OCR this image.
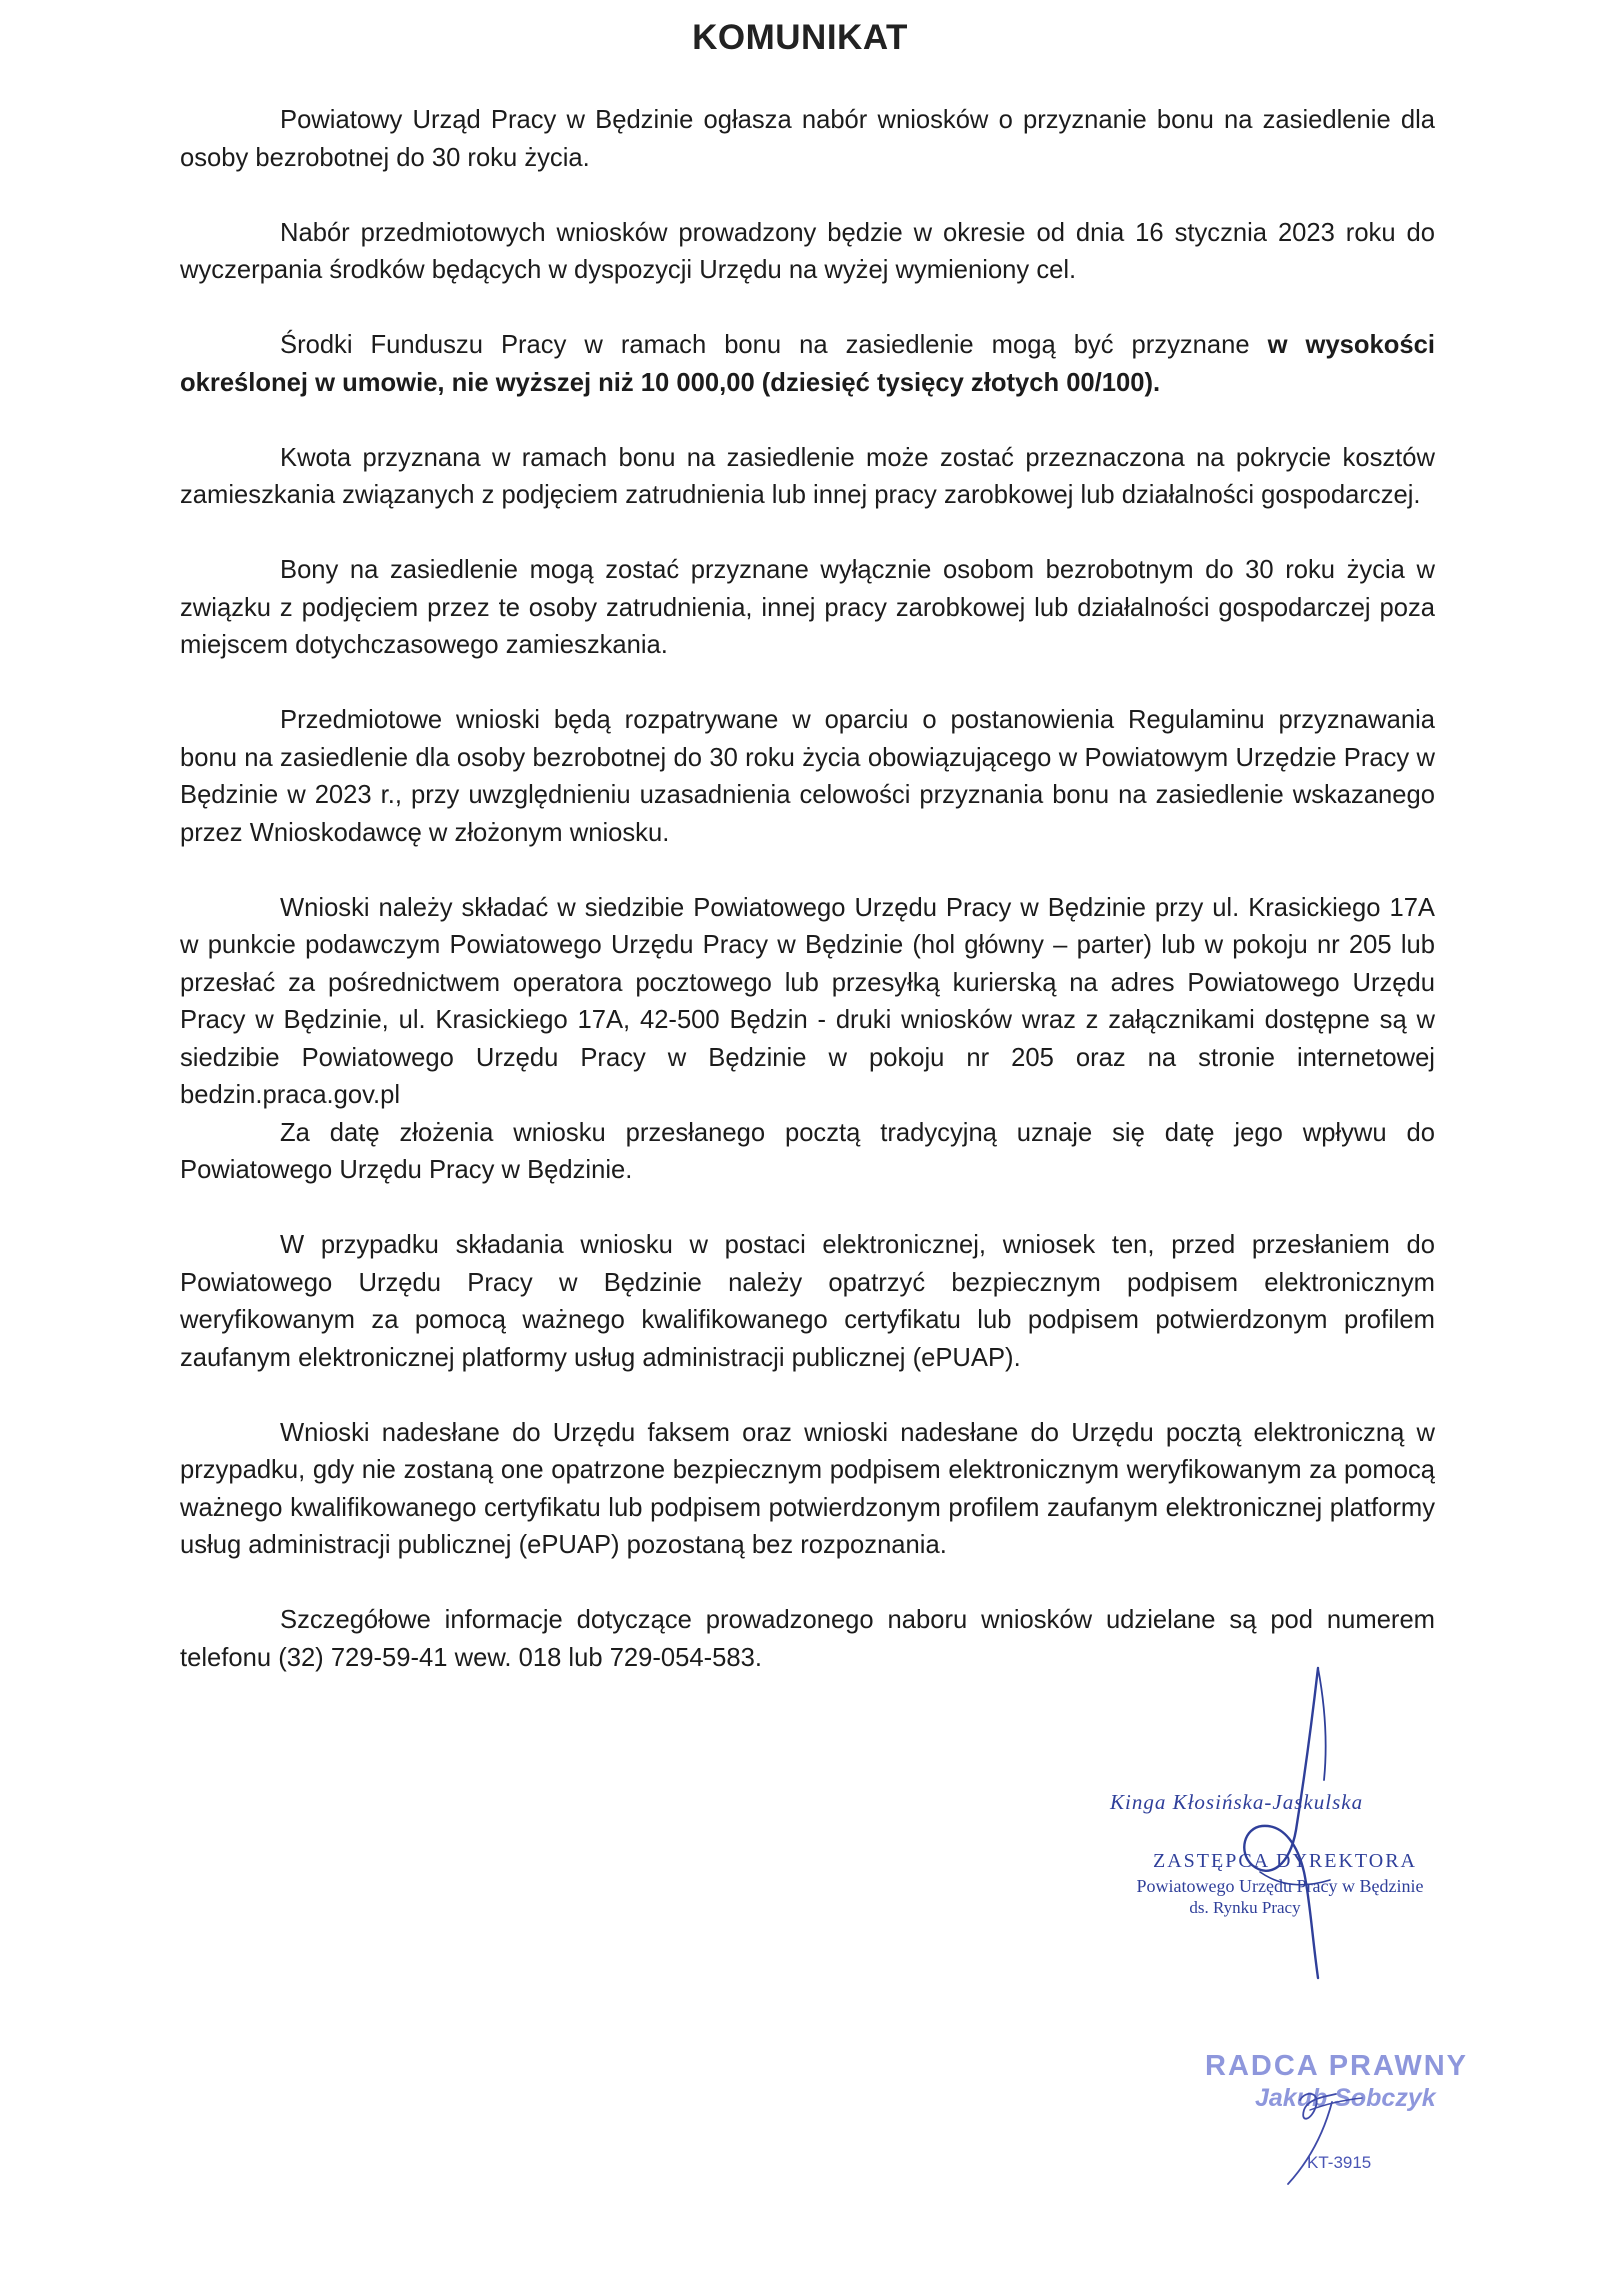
KOMUNIKAT

Powiatowy Urząd Pracy w Będzinie ogłasza nabór wniosków o przyznanie bonu na zasiedlenie dla osoby bezrobotnej do 30 roku życia.

Nabór przedmiotowych wniosków prowadzony będzie w okresie od dnia 16 stycznia 2023 roku do wyczerpania środków będących w dyspozycji Urzędu na wyżej wymieniony cel.

Środki Funduszu Pracy w ramach bonu na zasiedlenie mogą być przyznane w wysokości określonej w umowie, nie wyższej niż 10 000,00 (dziesięć tysięcy złotych 00/100).

Kwota przyznana w ramach bonu na zasiedlenie może zostać przeznaczona na pokrycie kosztów zamieszkania związanych z podjęciem zatrudnienia lub innej pracy zarobkowej lub działalności gospodarczej.

Bony na zasiedlenie mogą zostać przyznane wyłącznie osobom bezrobotnym do 30 roku życia w związku z podjęciem przez te osoby zatrudnienia, innej pracy zarobkowej lub działalności gospodarczej poza miejscem dotychczasowego zamieszkania.

Przedmiotowe wnioski będą rozpatrywane w oparciu o postanowienia Regulaminu przyznawania bonu na zasiedlenie dla osoby bezrobotnej do 30 roku życia obowiązującego w Powiatowym Urzędzie Pracy w Będzinie w 2023 r., przy uwzględnieniu uzasadnienia celowości przyznania bonu na zasiedlenie wskazanego przez Wnioskodawcę w złożonym wniosku.

Wnioski należy składać w siedzibie Powiatowego Urzędu Pracy w Będzinie przy ul. Krasickiego 17A w punkcie podawczym Powiatowego Urzędu Pracy w Będzinie (hol główny – parter) lub w pokoju nr 205 lub przesłać za pośrednictwem operatora pocztowego lub przesyłką kurierską na adres Powiatowego Urzędu Pracy w Będzinie, ul. Krasickiego 17A, 42-500 Będzin - druki wniosków wraz z załącznikami dostępne są w siedzibie Powiatowego Urzędu Pracy w Będzinie w pokoju nr 205 oraz na stronie internetowej bedzin.praca.gov.pl

Za datę złożenia wniosku przesłanego pocztą tradycyjną uznaje się datę jego wpływu do Powiatowego Urzędu Pracy w Będzinie.

W przypadku składania wniosku w postaci elektronicznej, wniosek ten, przed przesłaniem do Powiatowego Urzędu Pracy w Będzinie należy opatrzyć bezpiecznym podpisem elektronicznym weryfikowanym za pomocą ważnego kwalifikowanego certyfikatu lub podpisem potwierdzonym profilem zaufanym elektronicznej platformy usług administracji publicznej (ePUAP).

Wnioski nadesłane do Urzędu faksem oraz wnioski nadesłane do Urzędu pocztą elektroniczną w przypadku, gdy nie zostaną one opatrzone bezpiecznym podpisem elektronicznym weryfikowanym za pomocą ważnego kwalifikowanego certyfikatu lub podpisem potwierdzonym profilem zaufanym elektronicznej platformy usług administracji publicznej (ePUAP) pozostaną bez rozpoznania.

Szczegółowe informacje dotyczące prowadzonego naboru wniosków udzielane są pod numerem telefonu (32) 729-59-41 wew. 018 lub 729-054-583.

Kinga Kłosińska-Jaskulska
ZASTĘPCA DYREKTORA
Powiatowego Urzędu Pracy w Będzinie
ds. Rynku Pracy
RADCA PRAWNY
Jakub Sobczyk
KT-3915
